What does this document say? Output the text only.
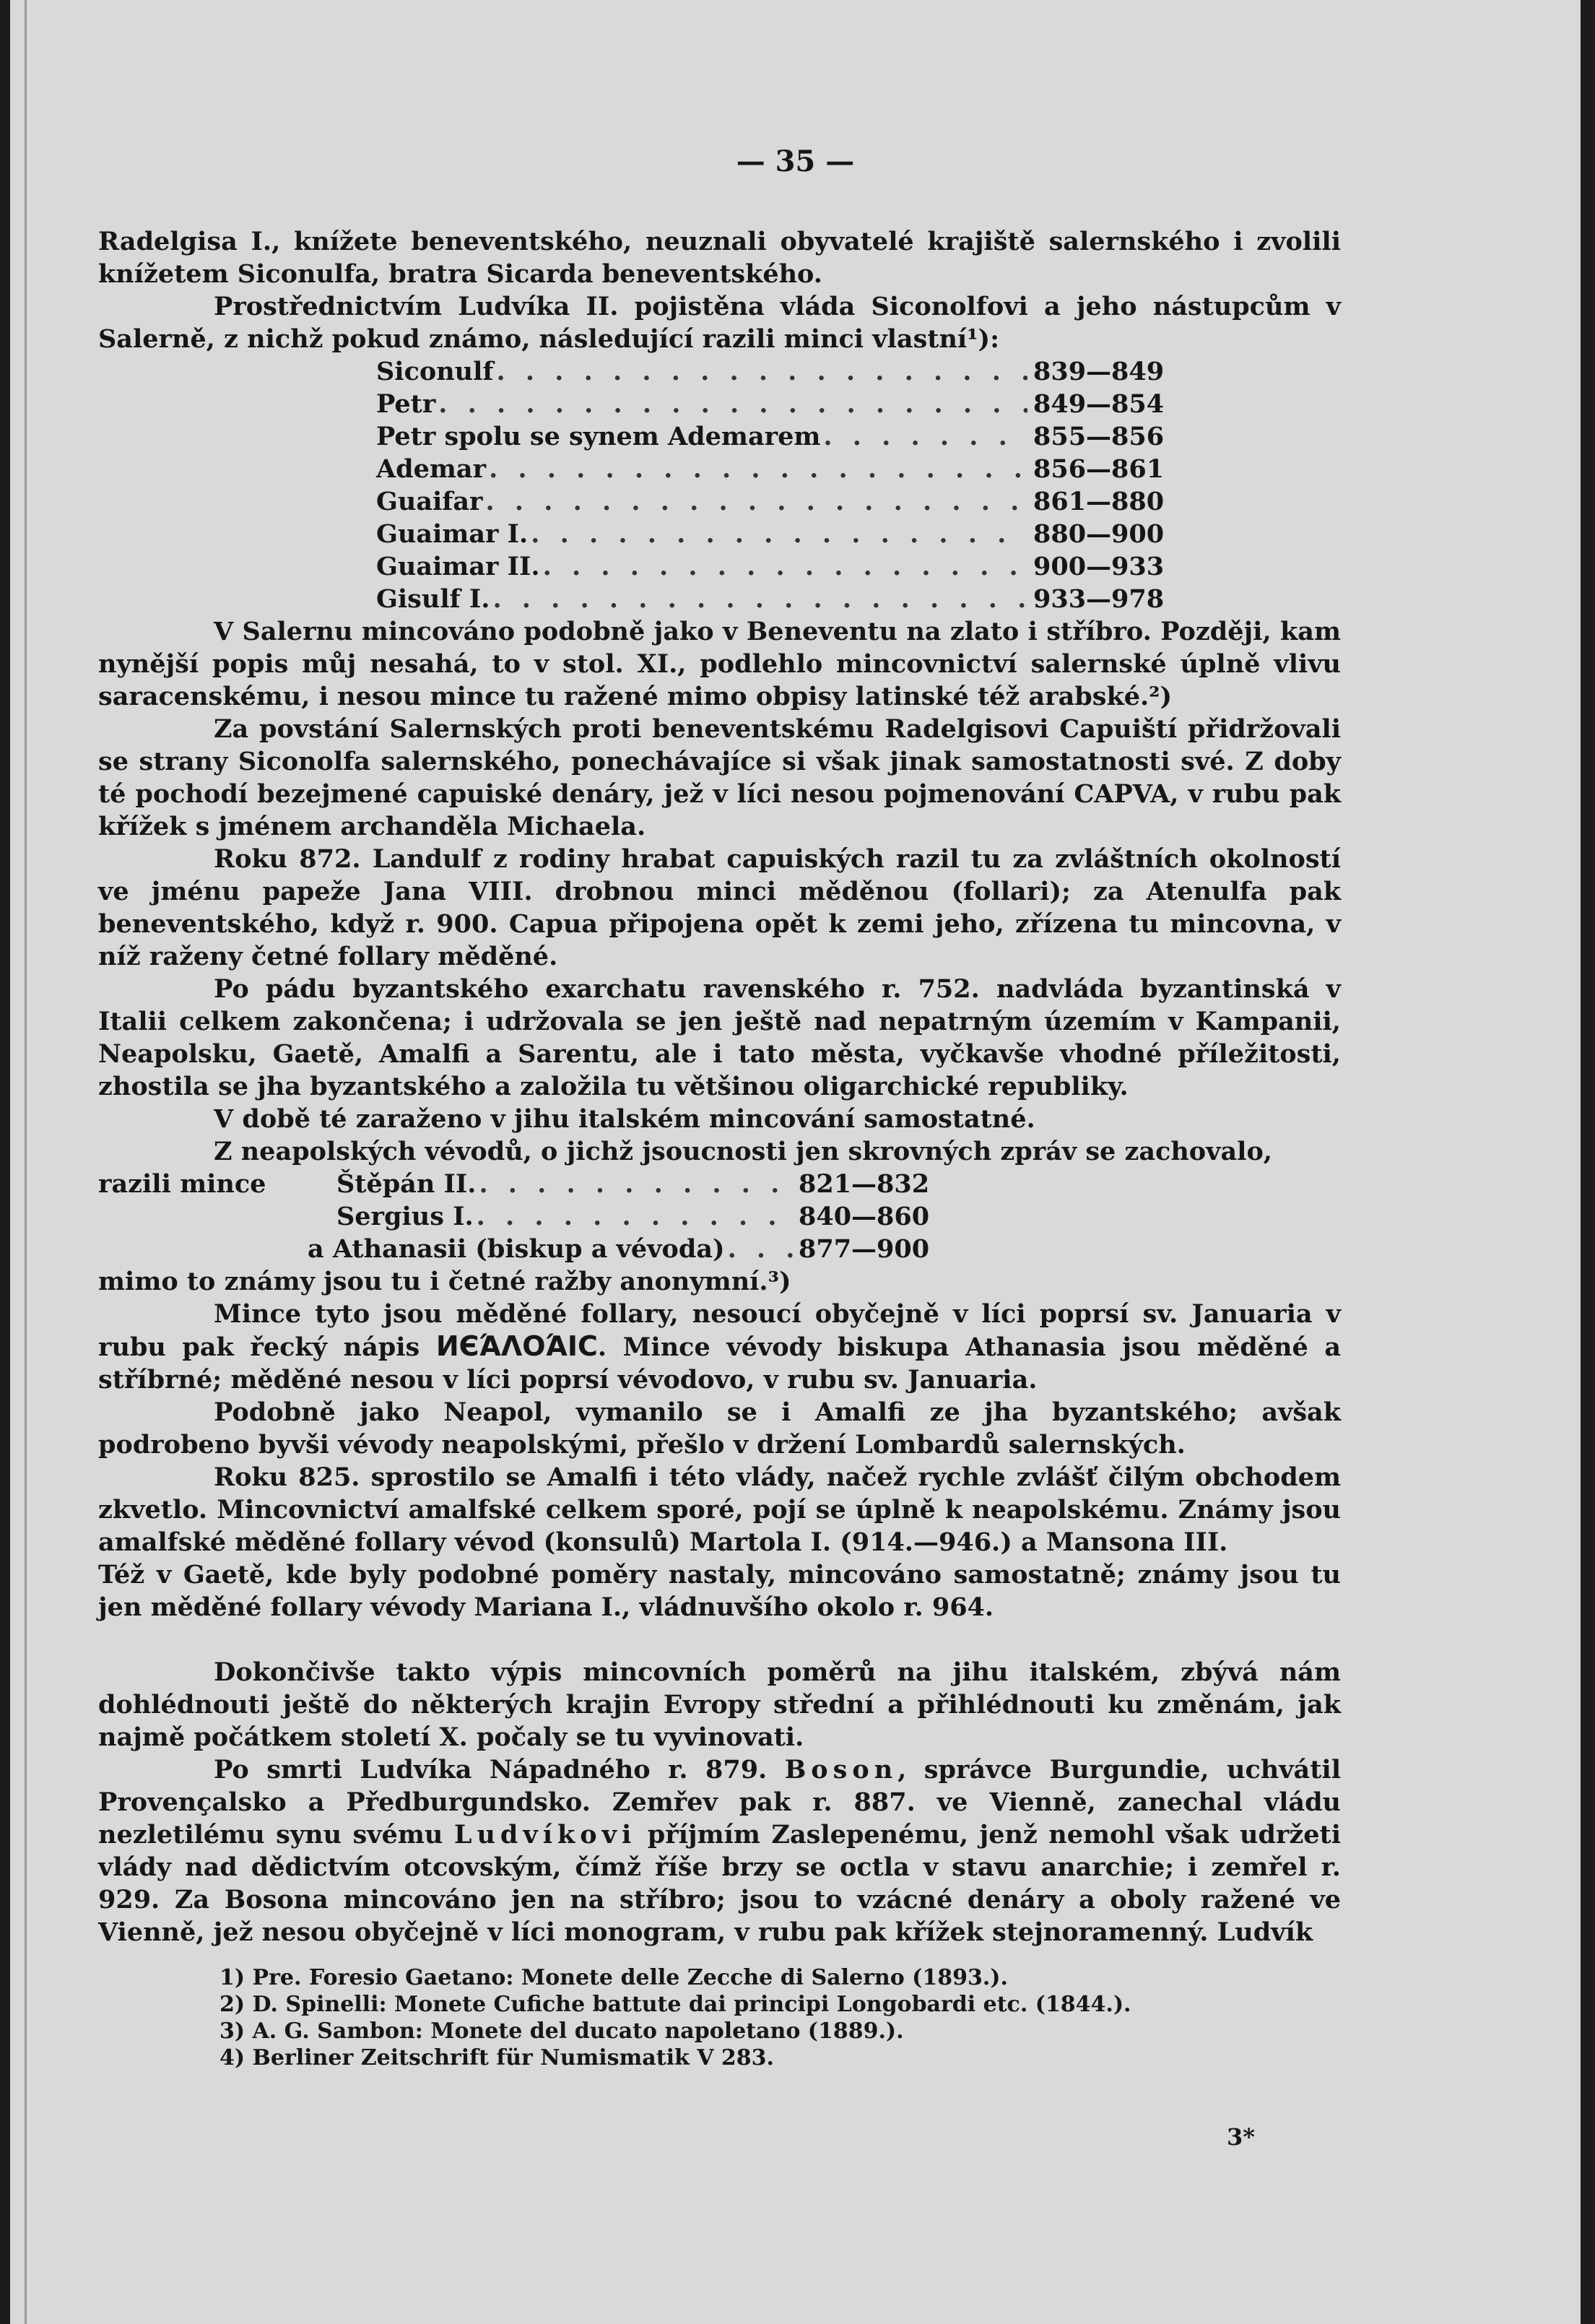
— 35 —

Radelgisa I., knížete beneventského, neuznali obyvatelé krajiště salernského i zvolili knížetem Siconulfa, bratra Sicarda beneventského.

Prostřednictvím Ludvíka II. pojistěna vláda Siconolfovi a jeho nástupcům v Salerně, z nichž pokud známo, následující razili minci vlastní¹):

Siconulf . . .	839—849
Petr . . .	849—854
Petr spolu se synem Ademarem . . .	855—856
Ademar . . .	856—861
Guaifar . . .	861—880
Guaimar I. . . .	880—900
Guaimar II. . . .	900—933
Gisulf I. . . .	933—978

V Salernu mincováno podobně jako v Beneventu na zlato i stříbro. Později, kam nynější popis můj nesahá, to v stol. XI., podlehlo mincovnictví salernské úplně vlivu saracenskému, i nesou mince tu ražené mimo obpisy latinské též arabské.²)

Za povstání Salernských proti beneventskému Radelgisovi Capuiští přidržovali se strany Siconolfa salernského, ponechávajíce si však jinak samostatnosti své. Z doby té pochodí bezejmené capuiské denáry, jež v líci nesou pojmenování CAPVA, v rubu pak křížek s jménem archanděla Michaela.

Roku 872. Landulf z rodiny hrabat capuiských razil tu za zvláštních okolností ve jménu papeže Jana VIII. drobnou minci měděnou (follari); za Atenulfa pak beneventského, když r. 900. Capua připojena opět k zemi jeho, zřízena tu mincovna, v níž raženy četné follary měděné.

Po pádu byzantského exarchatu ravenského r. 752. nadvláda byzantinská v Italii celkem zakončena; i udržovala se jen ještě nad nepatrným územím v Kampanii, Neapolsku, Gaetě, Amalfi a Sarentu, ale i tato města, vyčkavše vhodné příležitosti, zhostila se jha byzantského a založila tu většinou oligarchické republiky.

V době té zaraženo v jihu italském mincování samostatné.

Z neapolských vévodů, o jichž jsoucnosti jen skrovných zpráv se zachovalo,

razili mince	Štěpán II. . . .	821—832
Sergius I. . . .	840—860
a Athanasii (biskup a vévoda) . . .	877—900

mimo to známy jsou tu i četné ražby anonymní.³)

Mince tyto jsou měděné follary, nesoucí obyčejně v líci poprsí sv. Januaria v rubu pak řecký nápis ИЄΆΛΟΆΙC. Mince vévody biskupa Athanasia jsou měděné a stříbrné; měděné nesou v líci poprsí vévodovo, v rubu sv. Januaria.

Podobně jako Neapol, vymanilo se i Amalfi ze jha byzantského; avšak podrobeno byvši vévody neapolskými, přešlo v držení Lombardů salernských.

Roku 825. sprostilo se Amalfi i této vlády, načež rychle zvlášť čilým obchodem zkvetlo. Mincovnictví amalfské celkem sporé, pojí se úplně k neapolskému. Známy jsou amalfské měděné follary vévod (konsulů) Martola I. (914.—946.) a Mansona III.

Též v Gaetě, kde byly podobné poměry nastaly, mincováno samostatně; známy jsou tu jen měděné follary vévody Mariana I., vládnuvšího okolo r. 964.

Dokončivše takto výpis mincovních poměrů na jihu italském, zbývá nám dohlédnouti ještě do některých krajin Evropy střední a přihlédnouti ku změnám, jak najmě počátkem století X. počaly se tu vyvinovati.

Po smrti Ludvíka Nápadného r. 879. Boson, správce Burgundie, uchvátil Provençalsko a Předburgundsko. Zemřev pak r. 887. ve Vienně, zanechal vládu nezletilému synu svému Ludvíkovi příjmím Zaslepenému, jenž nemohl však udržeti vlády nad dědictvím otcovským, čímž říše brzy se octla v stavu anarchie; i zemřel r. 929. Za Bosona mincováno jen na stříbro; jsou to vzácné denáry a oboly ražené ve Vienně, jež nesou obyčejně v líci monogram, v rubu pak křížek stejnoramenný. Ludvík

1) Pre. Foresio Gaetano: Monete delle Zecche di Salerno (1893.).
2) D. Spinelli: Monete Cufiche battute dai principi Longobardi etc. (1844.).
3) A. G. Sambon: Monete del ducato napoletano (1889.).
4) Berliner Zeitschrift für Numismatik V 283.
3*
